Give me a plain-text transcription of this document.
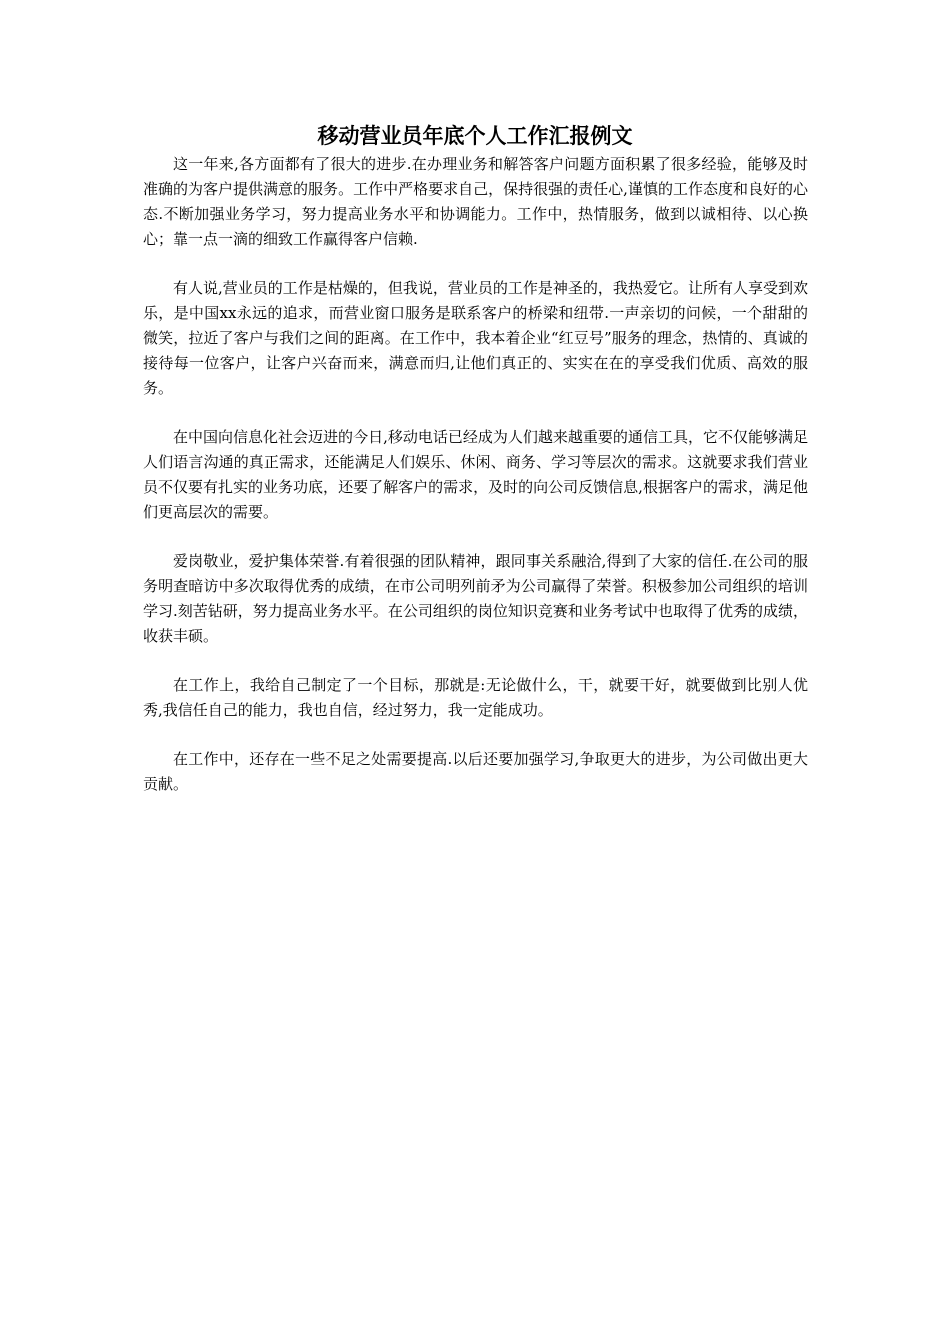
移动营业员年底个人工作汇报例文

这一年来,各方面都有了很大的进步.在办理业务和解答客户问题方面积累了很多经验，能够及时准确的为客户提供满意的服务。工作中严格要求自己，保持很强的责任心,谨慎的工作态度和良好的心态.不断加强业务学习，努力提高业务水平和协调能力。工作中，热情服务，做到以诚相待、以心换心；靠一点一滴的细致工作赢得客户信赖.

有人说,营业员的工作是枯燥的，但我说，营业员的工作是神圣的，我热爱它。让所有人享受到欢乐，是中国xx永远的追求，而营业窗口服务是联系客户的桥梁和纽带.一声亲切的问候，一个甜甜的微笑，拉近了客户与我们之间的距离。在工作中，我本着企业“红豆号”服务的理念，热情的、真诚的接待每一位客户，让客户兴奋而来，满意而归,让他们真正的、实实在在的享受我们优质、高效的服务。

在中国向信息化社会迈进的今日,移动电话已经成为人们越来越重要的通信工具，它不仅能够满足人们语言沟通的真正需求，还能满足人们娱乐、休闲、商务、学习等层次的需求。这就要求我们营业员不仅要有扎实的业务功底，还要了解客户的需求，及时的向公司反馈信息,根据客户的需求，满足他们更高层次的需要。

爱岗敬业，爱护集体荣誉.有着很强的团队精神，跟同事关系融洽,得到了大家的信任.在公司的服务明查暗访中多次取得优秀的成绩，在市公司明列前矛为公司赢得了荣誉。积极参加公司组织的培训学习.刻苦钻研，努力提高业务水平。在公司组织的岗位知识竞赛和业务考试中也取得了优秀的成绩，收获丰硕。

在工作上，我给自己制定了一个目标，那就是:无论做什么，干，就要干好，就要做到比别人优秀,我信任自己的能力，我也自信，经过努力，我一定能成功。

在工作中，还存在一些不足之处需要提高.以后还要加强学习,争取更大的进步，为公司做出更大贡献。
